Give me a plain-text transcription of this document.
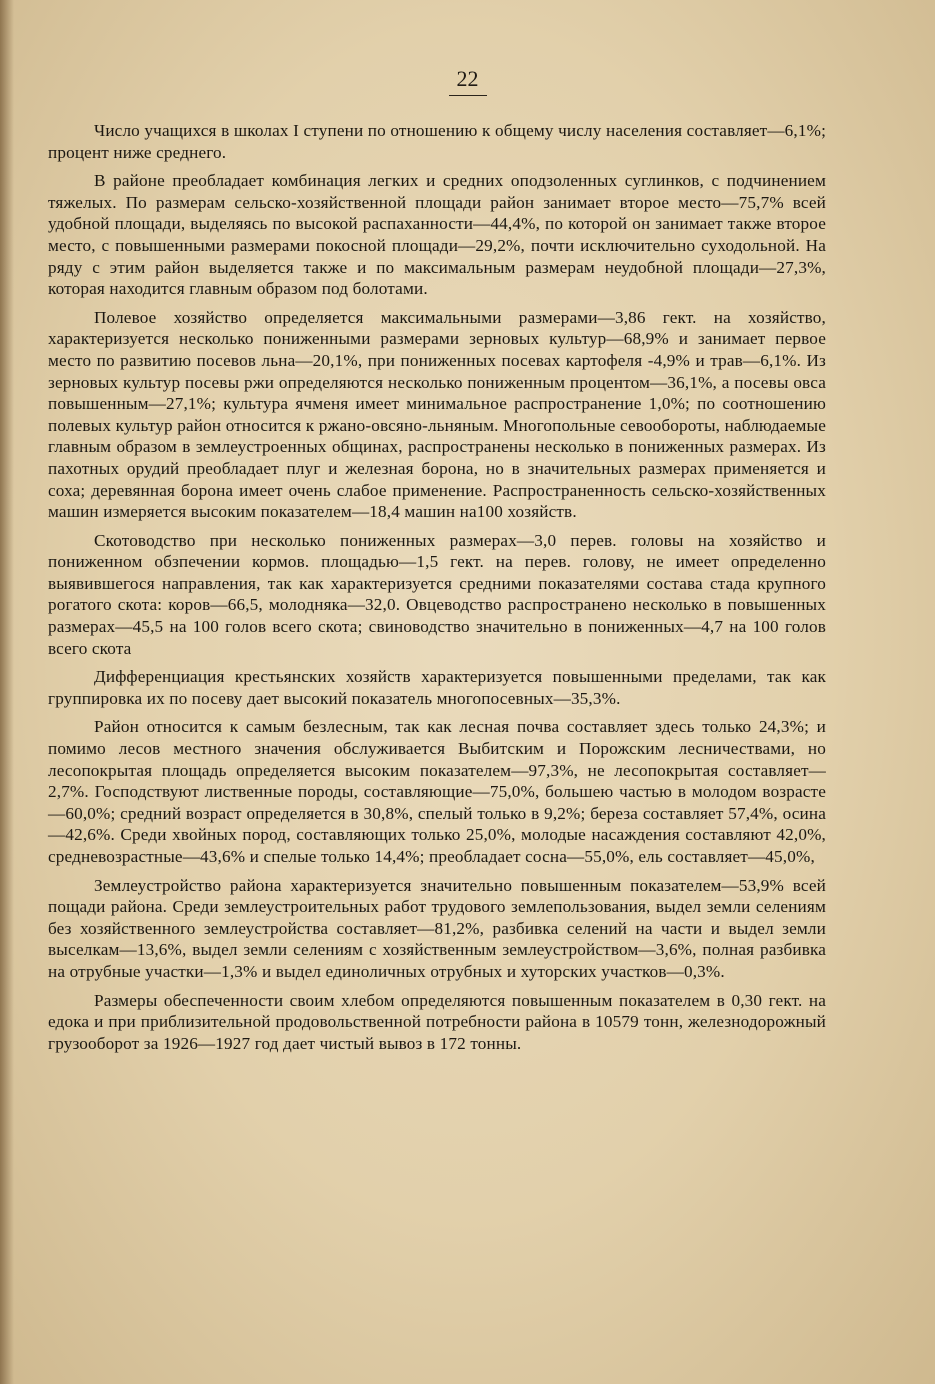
22

Число учащихся в школах I ступени по отношению к общему числу населения составляет—6,1%; процент ниже среднего.

В районе преобладает комбинация легких и средних оподзоленных суглинков, с подчинением тяжелых. По размерам сельско-хозяйственной площади район занимает второе место—75,7% всей удобной площади, выделяясь по высокой распаханности—44,4%, по которой он занимает также второе место, с повышенными размерами покосной площади—29,2%, почти исключительно суходольной. На ряду с этим район выделяется также и по максимальным размерам неудобной площади—27,3%, которая находится главным образом под болотами.

Полевое хозяйство определяется максимальными размерами—3,86 гект. на хозяйство, характеризуется несколько пониженными размерами зерновых культур—68,9% и занимает первое место по развитию посевов льна—20,1%, при пониженных посевах картофеля -4,9% и трав—6,1%. Из зерновых культур посевы ржи определяются несколько пониженным процентом—36,1%, а посевы овса повышенным—27,1%; культура ячменя имеет минимальное распространение 1,0%; по соотношению полевых культур район относится к ржано-овсяно-льняным. Многопольные севообороты, наблюдаемые главным образом в землеустроенных общинах, распространены несколько в пониженных размерах. Из пахотных орудий преобладает плуг и железная борона, но в значительных размерах применяется и соха; деревянная борона имеет очень слабое применение. Распространенность сельско-хозяйственных машин измеряется высоким показателем—18,4 машин на100 хозяйств.

Скотоводство при несколько пониженных размерах—3,0 перев. головы на хозяйство и пониженном обзпечении кормов. площадью—1,5 гект. на перев. голову, не имеет определенно выявившегося направления, так как характеризуется средними показателями состава стада крупного рогатого скота: коров—66,5, молодняка—32,0. Овцеводство распространено несколько в повышенных размерах—45,5 на 100 голов всего скота; свиноводство значительно в пониженных—4,7 на 100 голов всего скота

Дифференциация крестьянских хозяйств характеризуется повышенными пределами, так как группировка их по посеву дает высокий показатель многопосевных—35,3%.

Район относится к самым безлесным, так как лесная почва составляет здесь только 24,3%; и помимо лесов местного значения обслуживается Выбитским и Порожским лесничествами, но лесопокрытая площадь определяется высоким показателем—97,3%, не лесопокрытая составляет—2,7%. Господствуют лиственные породы, составляющие—75,0%, большею частью в молодом возрасте—60,0%; средний возраст определяется в 30,8%, спелый только в 9,2%; береза составляет 57,4%, осина—42,6%. Среди хвойных пород, составляющих только 25,0%, молодые насаждения составляют 42,0%, средневозрастные—43,6% и спелые только 14,4%; преобладает сосна—55,0%, ель составляет—45,0%,

Землеустройство района характеризуется значительно повышенным показателем—53,9% всей пощади района. Среди землеустроительных работ трудового землепользования, выдел земли селениям без хозяйственного землеустройства составляет—81,2%, разбивка селений на части и выдел земли выселкам—13,6%, выдел земли селениям с хозяйственным землеустройством—3,6%, полная разбивка на отрубные участки—1,3% и выдел единоличных отрубных и хуторских участков—0,3%.

Размеры обеспеченности своим хлебом определяются повышенным показателем в 0,30 гект. на едока и при приблизительной продовольственной потребности района в 10579 тонн, железнодорожный грузооборот за 1926—1927 год дает чистый вывоз в 172 тонны.
